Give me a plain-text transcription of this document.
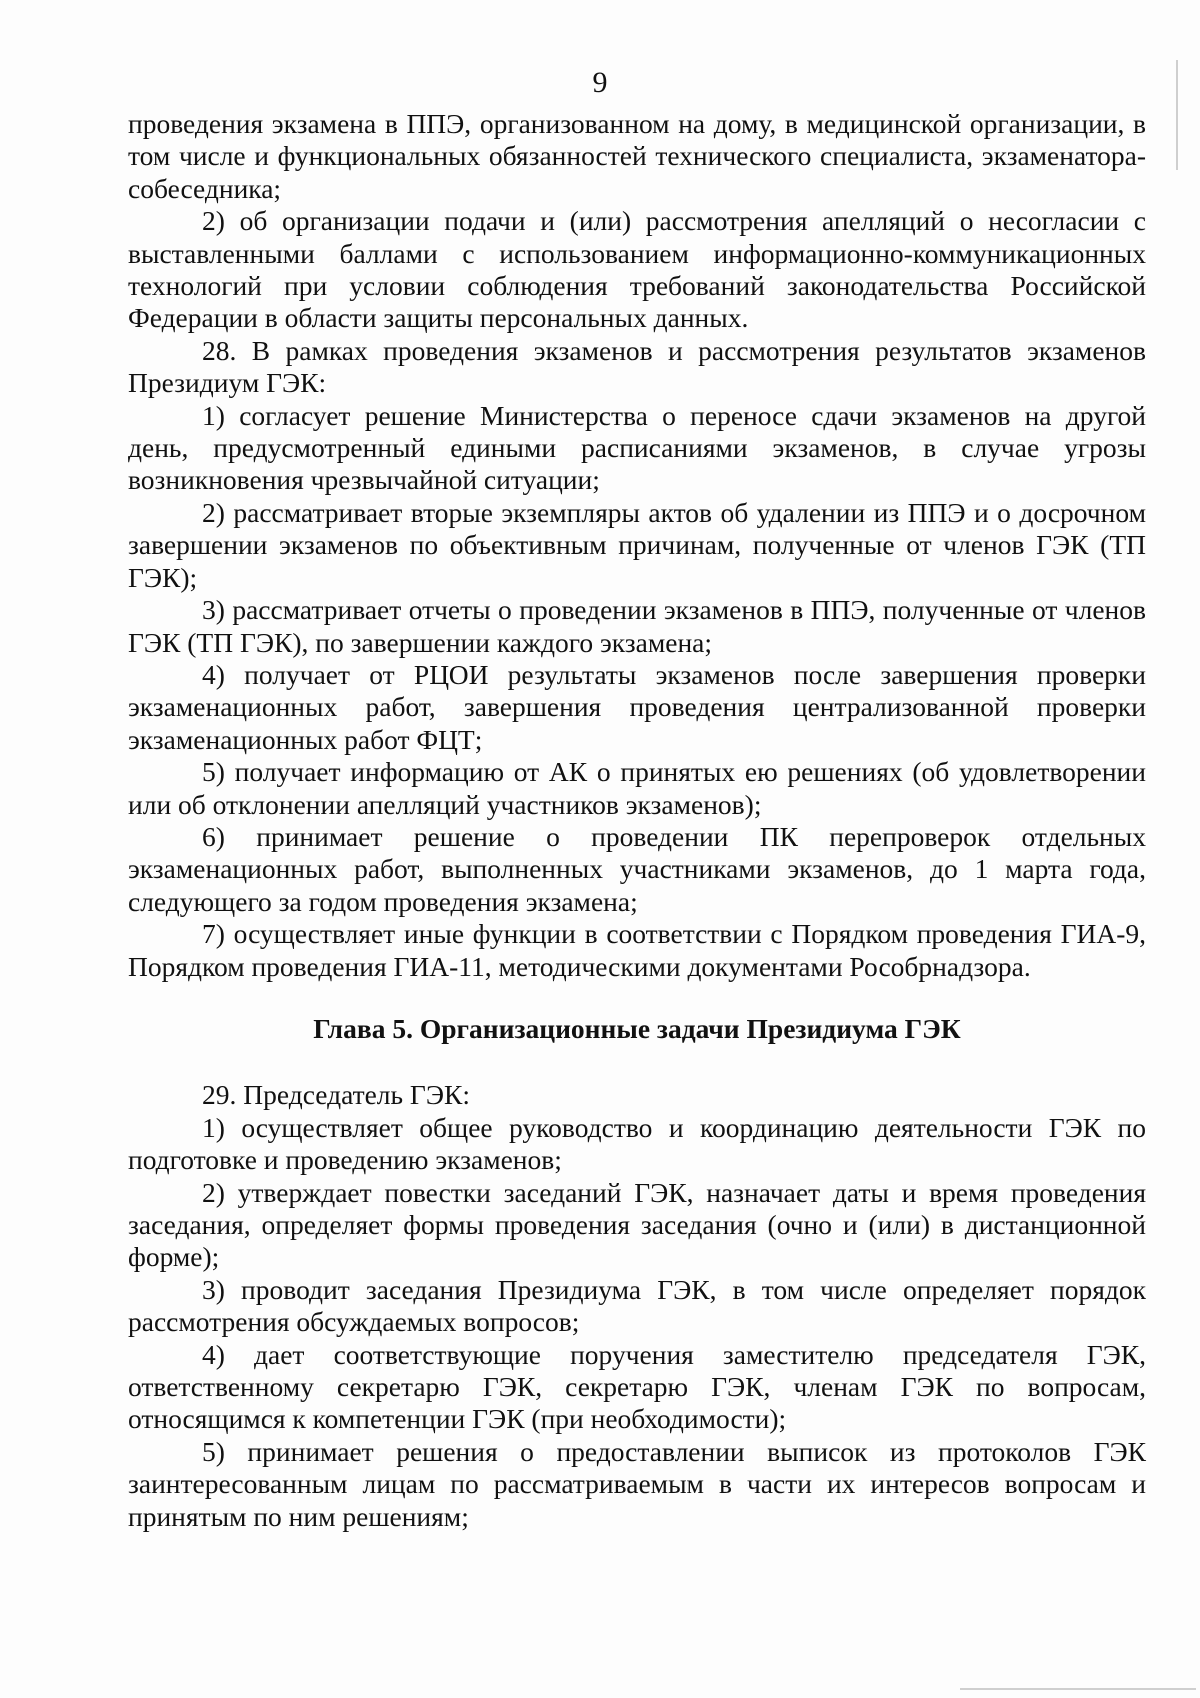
9

проведения экзамена в ППЭ, организованном на дому, в медицинской организации, в том числе и функциональных обязанностей технического специалиста, экзаменатора-собеседника;

2) об организации подачи и (или) рассмотрения апелляций о несогласии с выставленными баллами с использованием информационно-коммуникационных технологий при условии соблюдения требований законодательства Российской Федерации в области защиты персональных данных.

28. В рамках проведения экзаменов и рассмотрения результатов экзаменов Президиум ГЭК:

1) согласует решение Министерства о переносе сдачи экзаменов на другой день, предусмотренный едиными расписаниями экзаменов, в случае угрозы возникновения чрезвычайной ситуации;

2) рассматривает вторые экземпляры актов об удалении из ППЭ и о досрочном завершении экзаменов по объективным причинам, полученные от членов ГЭК (ТП ГЭК);

3) рассматривает отчеты о проведении экзаменов в ППЭ, полученные от членов ГЭК (ТП ГЭК), по завершении каждого экзамена;

4) получает от РЦОИ результаты экзаменов после завершения проверки экзаменационных работ, завершения проведения централизованной проверки экзаменационных работ ФЦТ;

5) получает информацию от АК о принятых ею решениях (об удовлетворении или об отклонении апелляций участников экзаменов);

6) принимает решение о проведении ПК перепроверок отдельных экзаменационных работ, выполненных участниками экзаменов, до 1 марта года, следующего за годом проведения экзамена;

7) осуществляет иные функции в соответствии с Порядком проведения ГИА-9, Порядком проведения ГИА-11, методическими документами Рособрнадзора.

Глава 5. Организационные задачи Президиума ГЭК

29. Председатель ГЭК:

1) осуществляет общее руководство и координацию деятельности ГЭК по подготовке и проведению экзаменов;

2) утверждает повестки заседаний ГЭК, назначает даты и время проведения заседания, определяет формы проведения заседания (очно и (или) в дистанционной форме);

3) проводит заседания Президиума ГЭК, в том числе определяет порядок рассмотрения обсуждаемых вопросов;

4) дает соответствующие поручения заместителю председателя ГЭК, ответственному секретарю ГЭК, секретарю ГЭК, членам ГЭК по вопросам, относящимся к компетенции ГЭК (при необходимости);

5) принимает решения о предоставлении выписок из протоколов ГЭК заинтересованным лицам по рассматриваемым в части их интересов вопросам и принятым по ним решениям;
